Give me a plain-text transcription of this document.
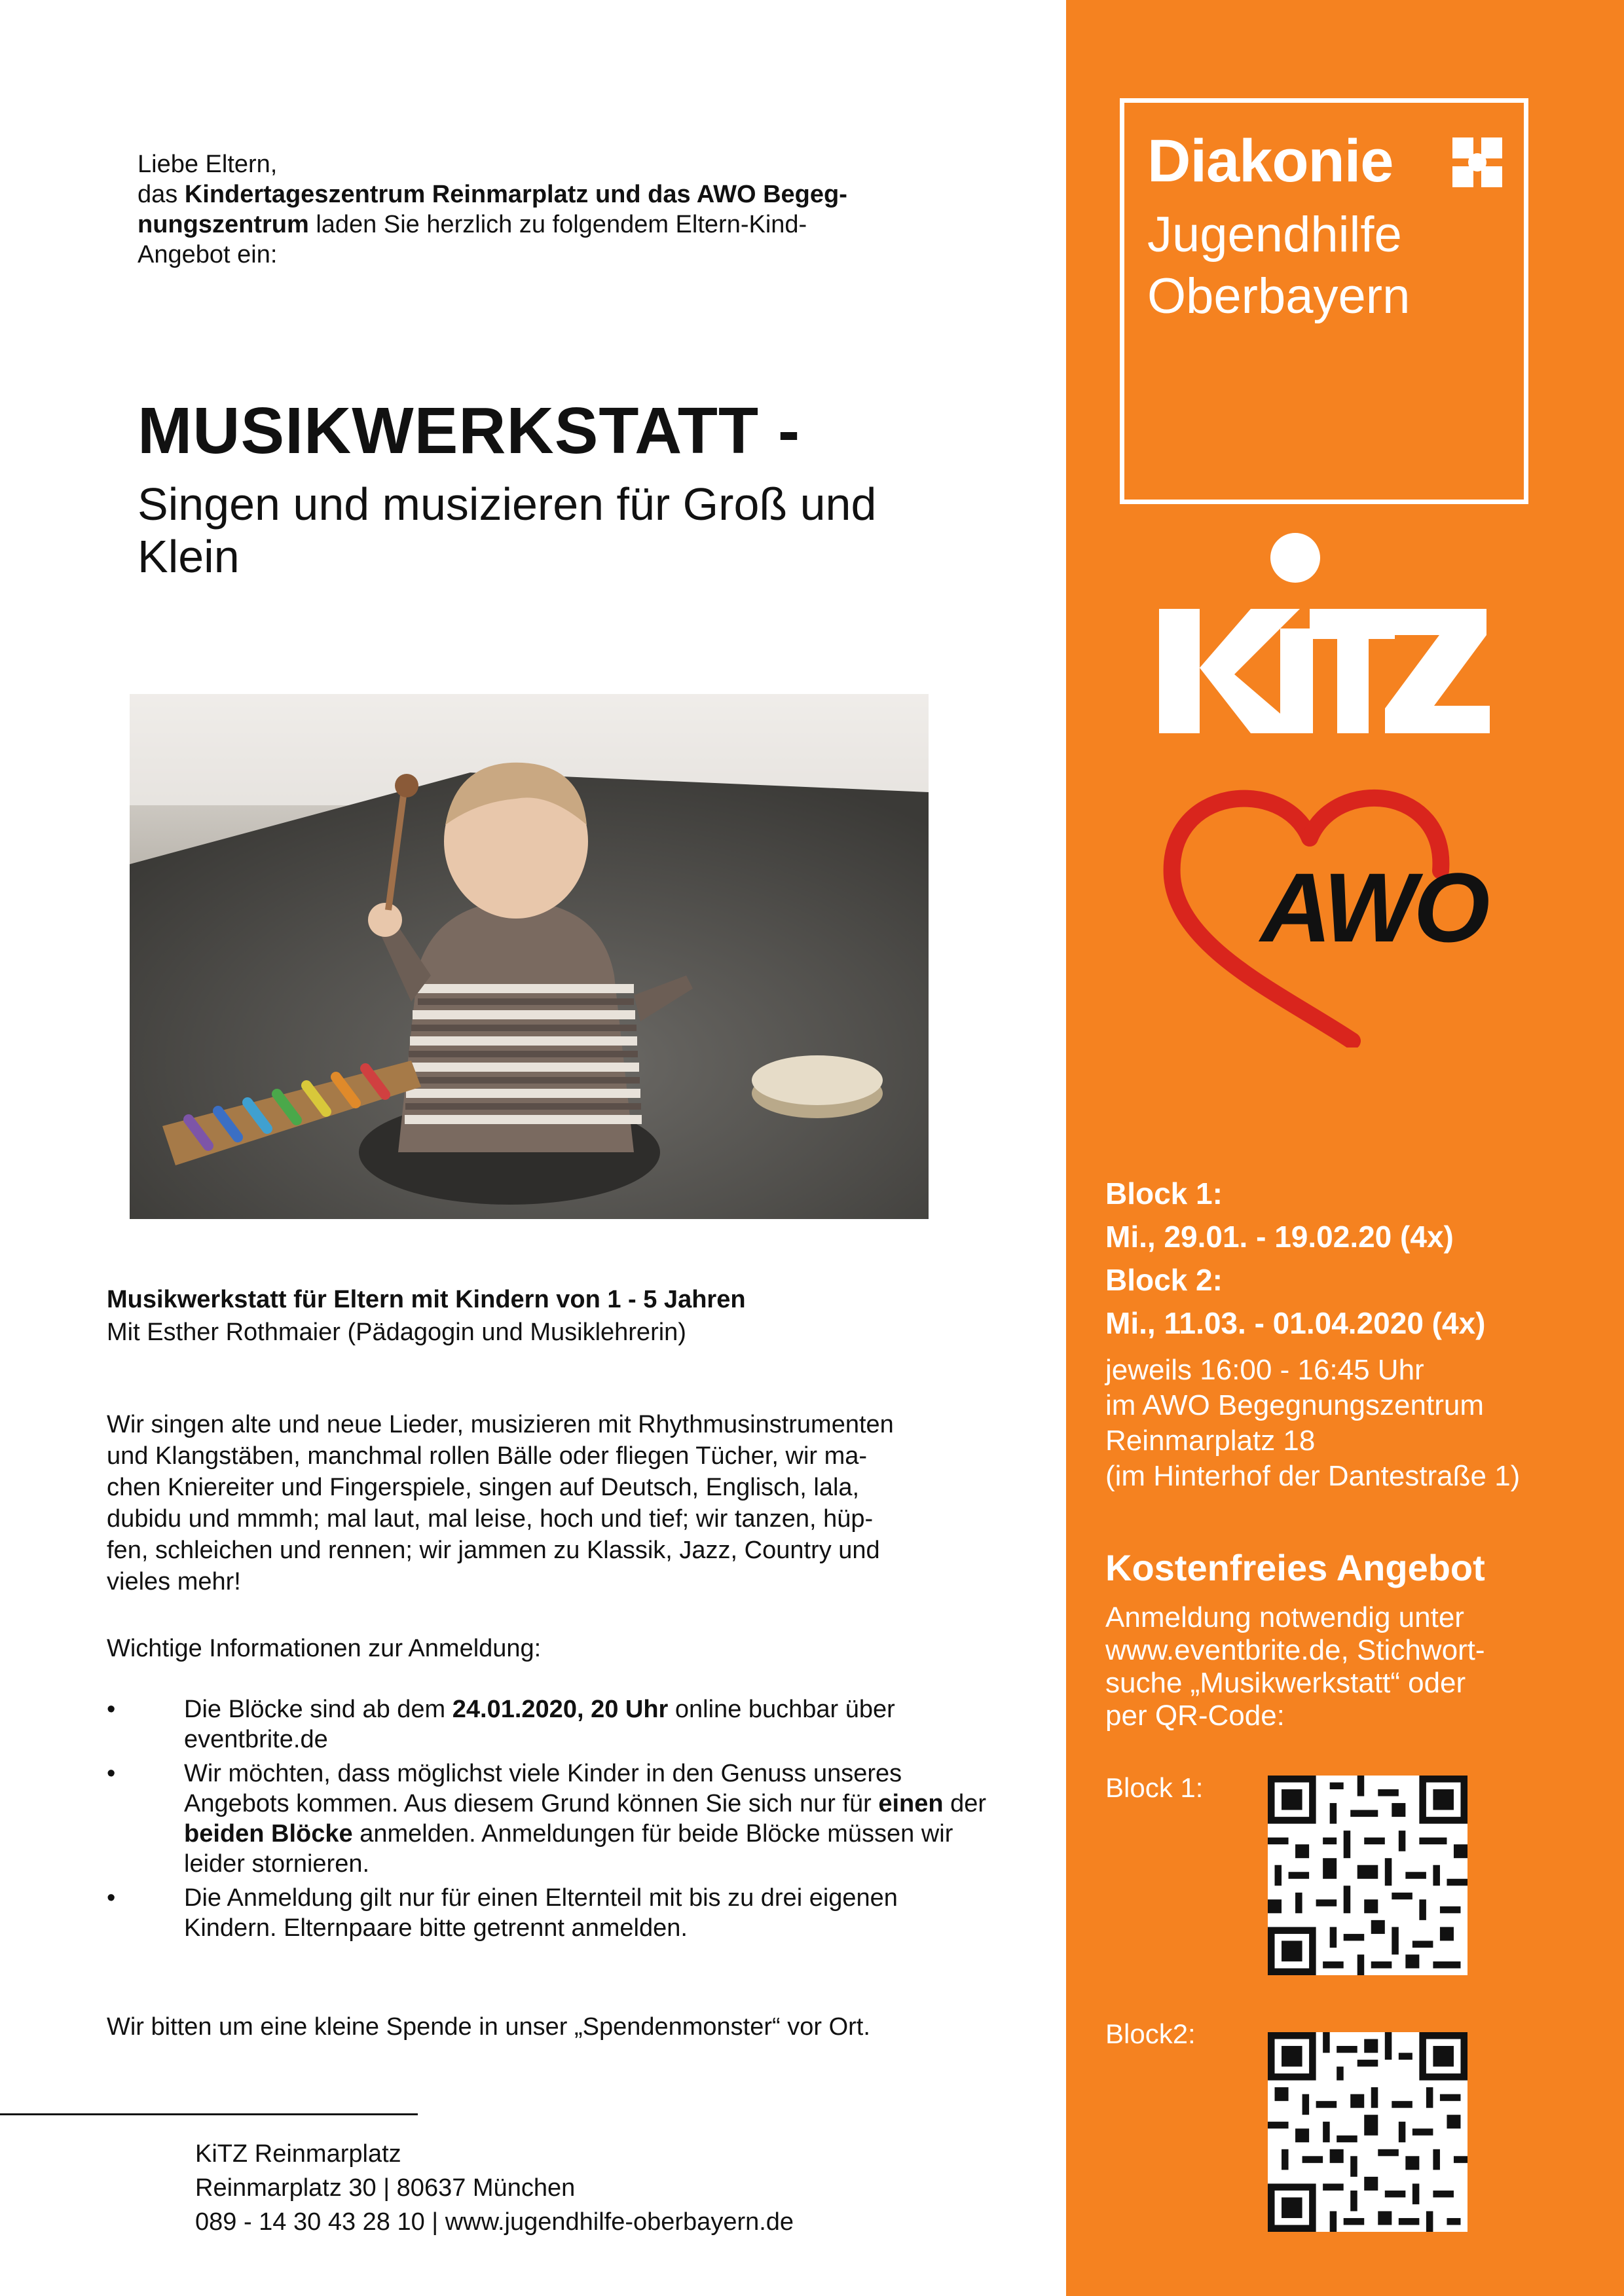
Liebe Eltern,
das Kindertageszentrum Reinmarplatz und das AWO Begeg-
nungszentrum laden Sie herzlich zu folgendem Eltern-Kind-
Angebot ein:
MUSIKWERKSTATT -
Singen und musizieren für Groß und
Klein
Musikwerkstatt für Eltern mit Kindern von 1 - 5 Jahren
Mit Esther Rothmaier (Pädagogin und Musiklehrerin)
Wir singen alte und neue Lieder, musizieren mit Rhythmusinstrumenten
und Klangstäben, manchmal rollen Bälle oder fliegen Tücher, wir ma-
chen Kniereiter und Fingerspiele, singen auf Deutsch, Englisch, lala,
dubidu und mmmh; mal laut, mal leise, hoch und tief; wir tanzen, hüp-
fen, schleichen und rennen; wir jammen zu Klassik, Jazz, Country und
vieles mehr!
Wichtige Informationen zur Anmeldung:
•	Die Blöcke sind ab dem 24.01.2020, 20 Uhr online buchbar über eventbrite.de
•	Wir möchten, dass möglichst viele Kinder in den Genuss unseres Angebots kommen. Aus diesem Grund können Sie sich nur für einen der beiden Blöcke anmelden. Anmeldungen für beide Blöcke müssen wir leider stornieren.
•	Die Anmeldung gilt nur für einen Elternteil mit bis zu drei eigenen Kindern. Elternpaare bitte getrennt anmelden.
Wir bitten um eine kleine Spende in unser „Spendenmonster“ vor Ort.
KiTZ Reinmarplatz
Reinmarplatz 30 | 80637 München
089 - 14 30 43 28 10 | www.jugendhilfe-oberbayern.de
Diakonie
Jugendhilfe
Oberbayern
AWO
Block 1:
Mi., 29.01. - 19.02.20 (4x)
Block 2:
Mi., 11.03. - 01.04.2020 (4x)
jeweils 16:00 - 16:45 Uhr
im AWO Begegnungszentrum
Reinmarplatz 18
(im Hinterhof der Dantestraße 1)
Kostenfreies Angebot
Anmeldung notwendig unter
www.eventbrite.de, Stichwort-
suche „Musikwerkstatt“ oder
per QR-Code:
Block 1:
Block2:
